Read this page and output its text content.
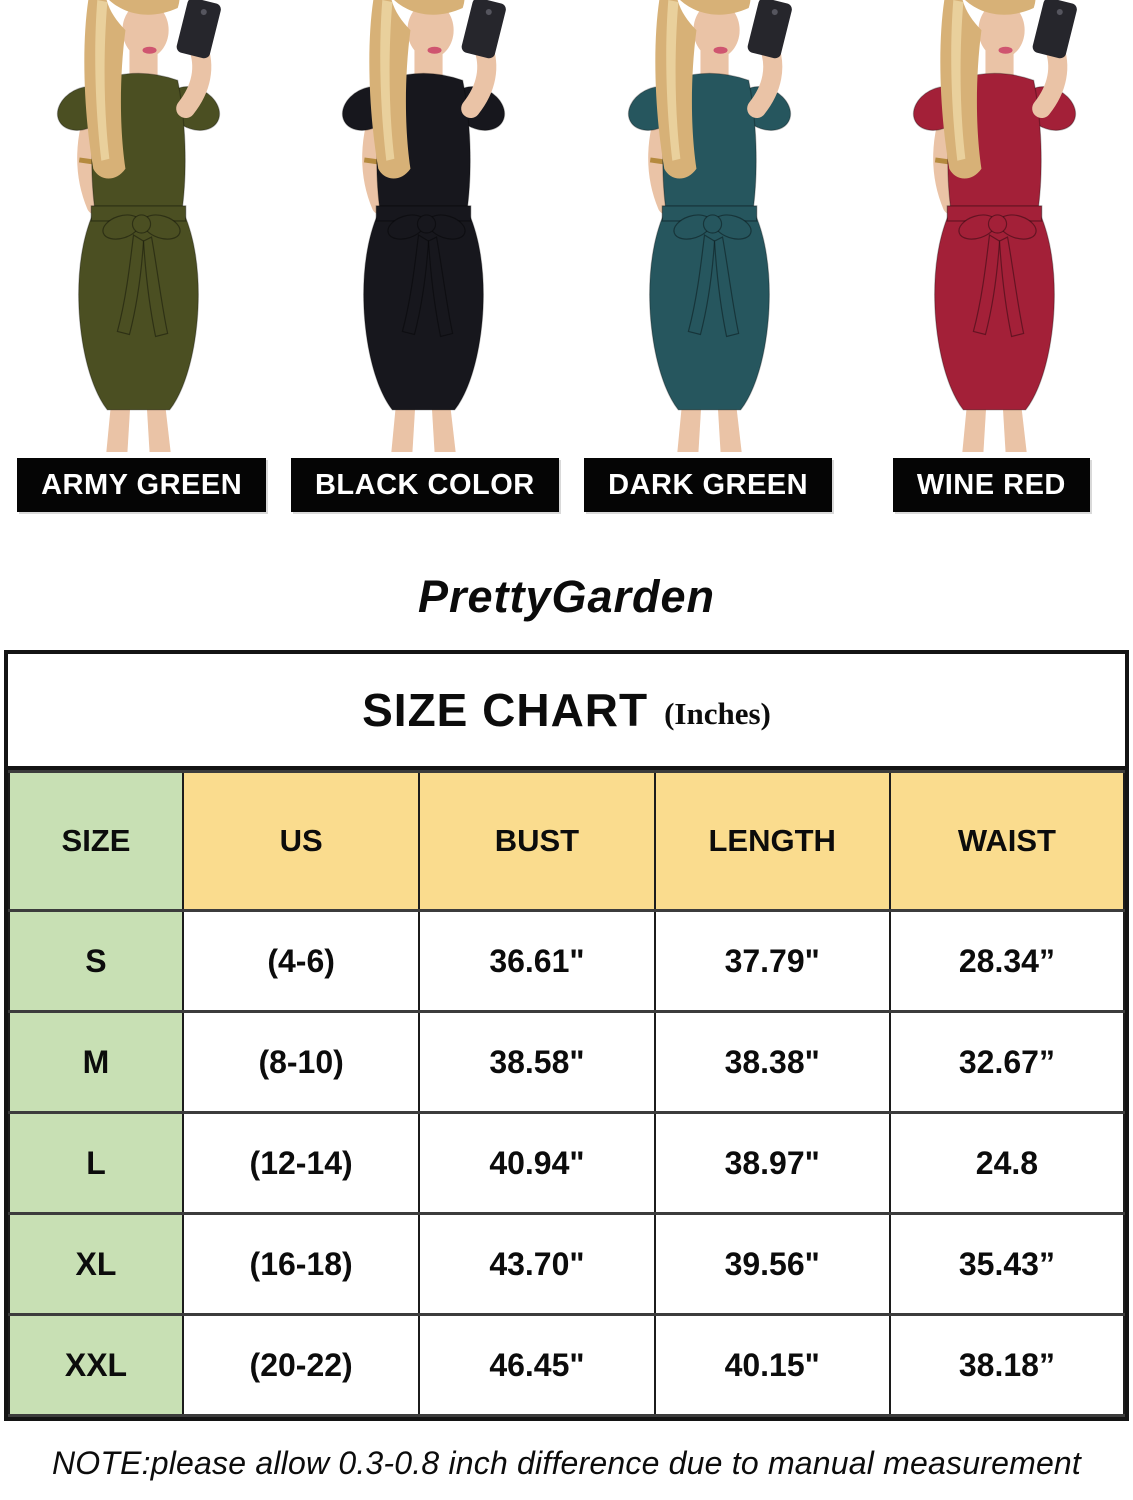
ARMY GREEN	BLACK COLOR	DARK GREEN	WINE RED
PrettyGarden
SIZE CHART (Inches)
SIZE	US	BUST	LENGTH	WAIST
S	(4-6)	36.61"	37.79"	28.34”
M	(8-10)	38.58"	38.38"	32.67”
L	(12-14)	40.94"	38.97"	24.8
XL	(16-18)	43.70"	39.56"	35.43”
XXL	(20-22)	46.45"	40.15"	38.18”
NOTE:please allow 0.3-0.8 inch difference due to manual measurement
